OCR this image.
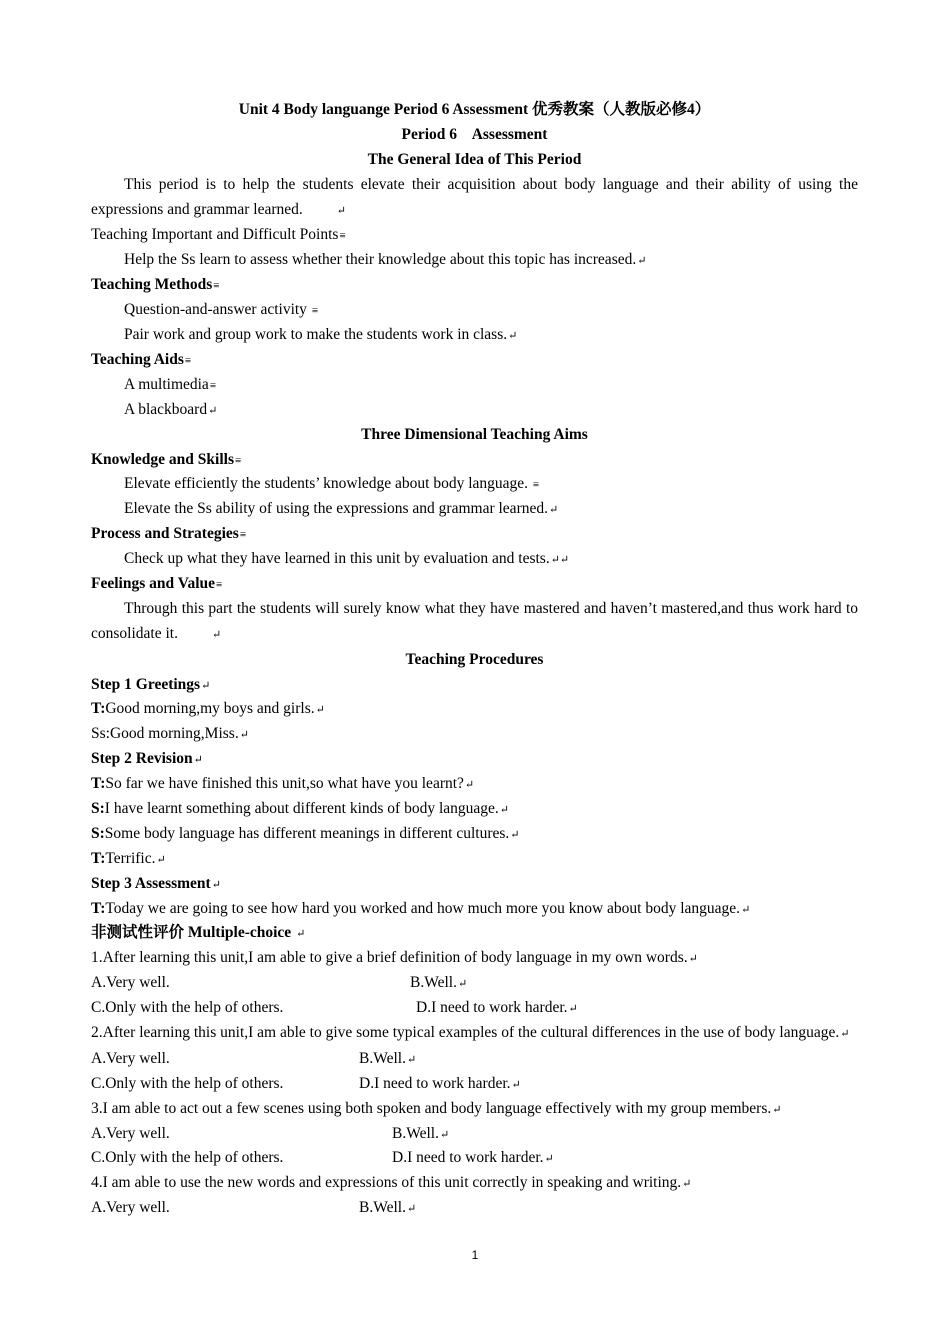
Unit 4 Body languange Period 6 Assessment 优秀教案（人教版必修4）
Period 6    Assessment
The General Idea of This Period
This period is to help the students elevate their acquisition about body language and their ability of using the expressions and grammar learned.	↵
Teaching Important and Difficult Points≡
Help the Ss learn to assess whether their knowledge about this topic has increased.↵
Teaching Methods≡
Question-and-answer activity ≡
Pair work and group work to make the students work in class.↵
Teaching Aids≡
A multimedia≡
A blackboard↵
Three Dimensional Teaching Aims
Knowledge and Skills≡
Elevate efficiently the students’ knowledge about body language. ≡
Elevate the Ss ability of using the expressions and grammar learned.↵
Process and Strategies≡
Check up what they have learned in this unit by evaluation and tests.↵↵
Feelings and Value≡
Through this part the students will surely know what they have mastered and haven’t mastered,and thus work hard to consolidate it.	↵
Teaching Procedures
Step 1 Greetings↵
T:Good morning,my boys and girls.↵
Ss:Good morning,Miss.↵
Step 2 Revision↵
T:So far we have finished this unit,so what have you learnt?↵
S:I have learnt something about different kinds of body language.↵
S:Some body language has different meanings in different cultures.↵
T:Terrific.↵
Step 3 Assessment↵
T:Today we are going to see how hard you worked and how much more you know about body language.↵
非测试性评价 Multiple-choice ↵
1.After learning this unit,I am able to give a brief definition of body language in my own words.↵
A.Very well.	B.Well.↵
C.Only with the help of others.	D.I need to work harder.↵
2.After learning this unit,I am able to give some typical examples of the cultural differences in the use of body language.↵
A.Very well.	B.Well.↵
C.Only with the help of others.	D.I need to work harder.↵
3.I am able to act out a few scenes using both spoken and body language effectively with my group members.↵
A.Very well.	B.Well.↵
C.Only with the help of others.	D.I need to work harder.↵
4.I am able to use the new words and expressions of this unit correctly in speaking and writing.↵
A.Very well.	B.Well.↵
1
